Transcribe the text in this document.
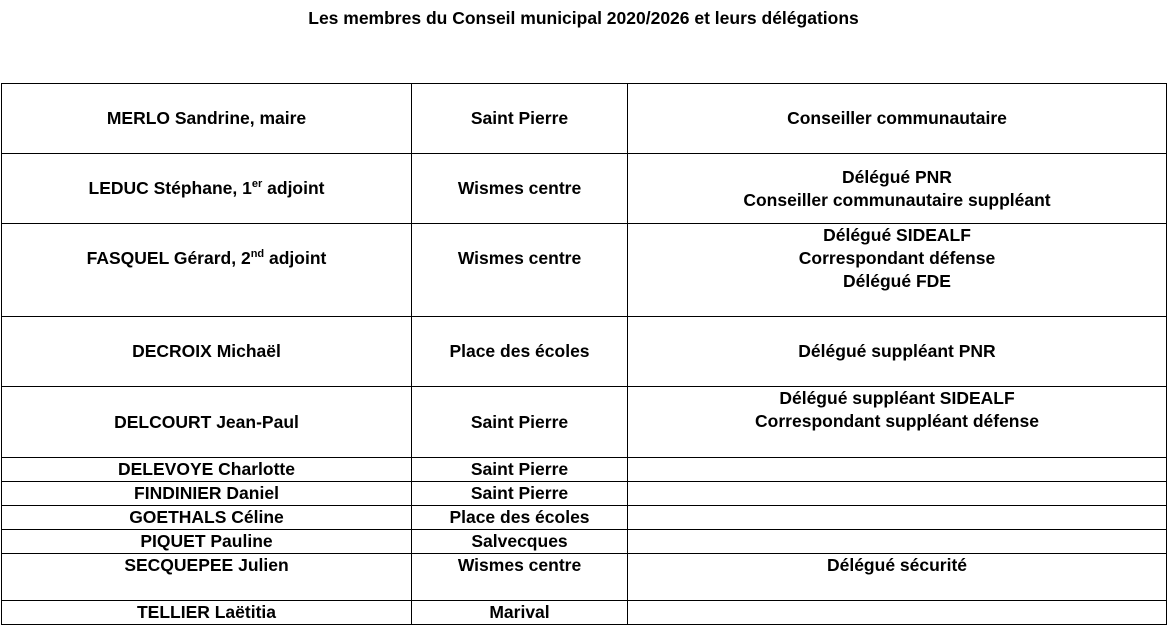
Les membres du Conseil municipal 2020/2026 et leurs délégations
MERLO Sandrine, maire	Saint Pierre	Conseiller communautaire

LEDUC Stéphane, 1er adjoint	Wismes centre	Délégué PNR
Conseiller communautaire suppléant

FASQUEL Gérard, 2nd adjoint	Wismes centre	Délégué SIDEALF
Correspondant défense
Délégué FDE

DECROIX Michaël	Place des écoles	Délégué suppléant PNR

DELCOURT Jean-Paul	Saint Pierre	Délégué suppléant SIDEALF
Correspondant suppléant défense

DELEVOYE Charlotte	Saint Pierre	
FINDINIER Daniel	Saint Pierre	
GOETHALS Céline	Place des écoles	
PIQUET Pauline	Salvecques	
SECQUEPEE Julien	Wismes centre	Délégué sécurité

TELLIER Laëtitia	Marival	
